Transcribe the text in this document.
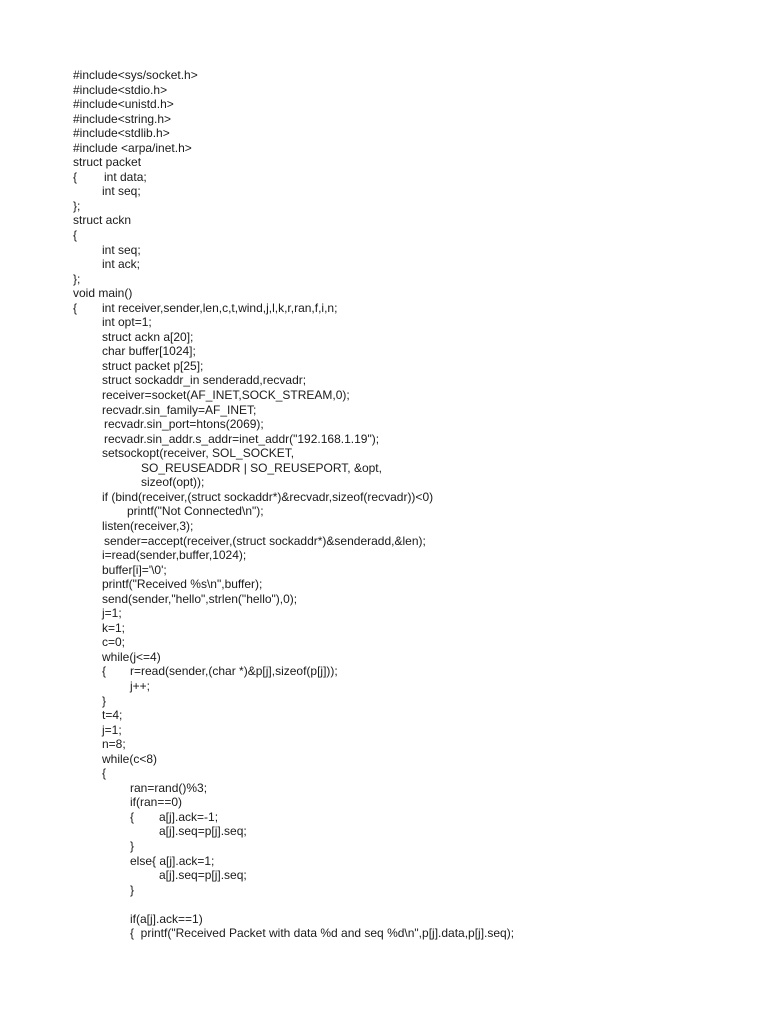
#include<sys/socket.h>
#include<stdio.h>
#include<unistd.h>
#include<string.h>
#include<stdlib.h>
#include <arpa/inet.h>
struct packet

{

int data;

int seq;
};
struct ackn
{
int seq;
int ack;
};
void main()

{

int receiver,sender,len,c,t,wind,j,l,k,r,ran,f,i,n;

int opt=1;
struct ackn a[20];
char buffer[1024];
struct packet p[25];
struct sockaddr_in senderadd,recvadr;
receiver=socket(AF_INET,SOCK_STREAM,0);
recvadr.sin_family=AF_INET;
recvadr.sin_port=htons(2069);
recvadr.sin_addr.s_addr=inet_addr("192.168.1.19");
setsockopt(receiver, SOL_SOCKET,
SO_REUSEADDR | SO_REUSEPORT, &opt,
sizeof(opt));
if (bind(receiver,(struct sockaddr*)&recvadr,sizeof(recvadr))<0)
printf("Not Connected\n");
listen(receiver,3);
sender=accept(receiver,(struct sockaddr*)&senderadd,&len);
i=read(sender,buffer,1024);
buffer[i]='\0';
printf("Received %s\n",buffer);
send(sender,"hello",strlen("hello"),0);
j=1;
k=1;
c=0;
while(j<=4)

{

r=read(sender,(char *)&p[j],sizeof(p[j]));

j++;
}
t=4;
j=1;
n=8;
while(c<8)
{
ran=rand()%3;
if(ran==0)

{

a[j].ack=-1;

a[j].seq=p[j].seq;
}
else{ a[j].ack=1;
a[j].seq=p[j].seq;
}
if(a[j].ack==1)
{  printf("Received Packet with data %d and seq %d\n",p[j].data,p[j].seq);
